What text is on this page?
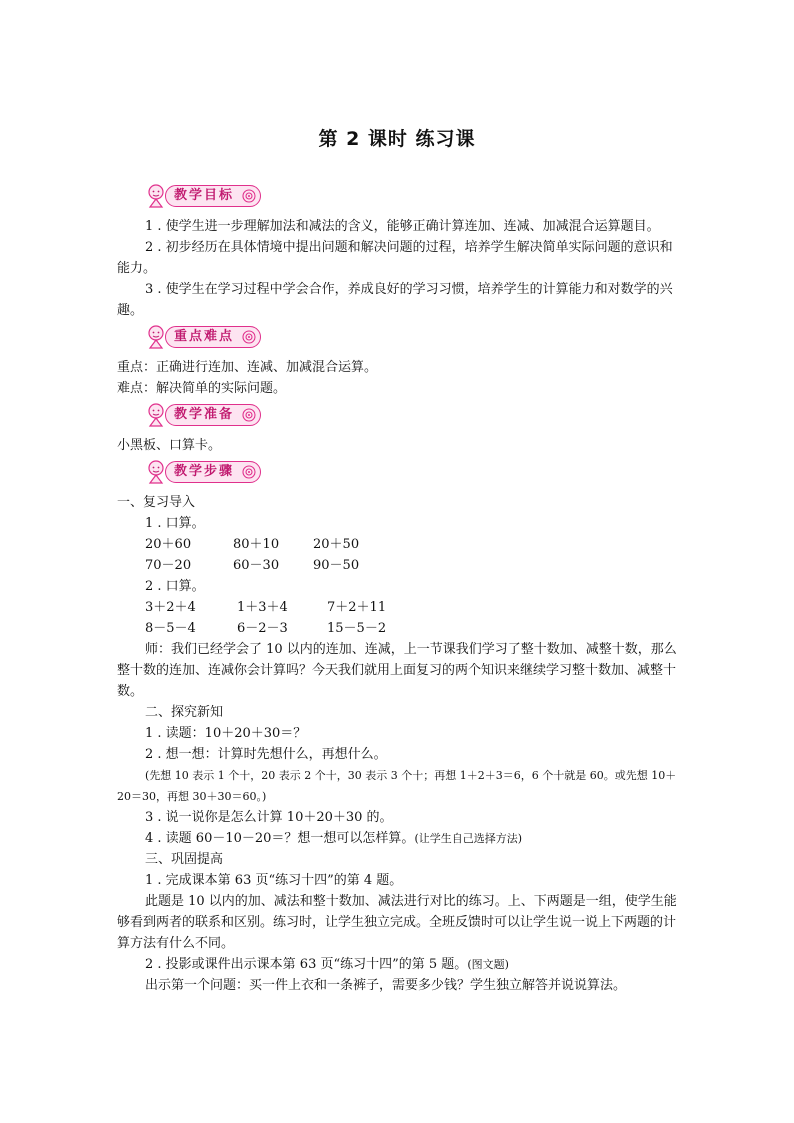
第 2 课时 练习课
教学目标

1 . 使学生进一步理解加法和减法的含义，能够正确计算连加、连减、加减混合运算题目。

2 . 初步经历在具体情境中提出问题和解决问题的过程，培养学生解决简单实际问题的意识和能力。

3 . 使学生在学习过程中学会合作，养成良好的学习习惯，培养学生的计算能力和对数学的兴趣。

重点难点

重点：正确进行连加、连减、加减混合运算。

难点：解决简单的实际问题。

教学准备

小黑板、口算卡。

教学步骤

一、复习导入

1 . 口算。

20＋60	80＋10	20＋50
70－20	60－30	90－50

2 . 口算。

3＋2＋4	1＋3＋4	7＋2＋11
8－5－4	6－2－3	15－5－2

师：我们已经学会了 10 以内的连加、连减，上一节课我们学习了整十数加、减整十数，那么整十数的连加、连减你会计算吗？今天我们就用上面复习的两个知识来继续学习整十数加、减整十数。

二、探究新知

1 . 读题：10＋20＋30＝？

2 . 想一想：计算时先想什么，再想什么。

(先想 10 表示 1 个十，20 表示 2 个十，30 表示 3 个十；再想 1＋2＋3＝6，6 个十就是 60。或先想 10＋20＝30，再想 30＋30＝60。)

3 . 说一说你是怎么计算 10＋20＋30 的。

4 . 读题 60－10－20＝？想一想可以怎样算。(让学生自己选择方法)

三、巩固提高

1 . 完成课本第 63 页“练习十四”的第 4 题。

此题是 10 以内的加、减法和整十数加、减法进行对比的练习。上、下两题是一组，使学生能够看到两者的联系和区别。练习时，让学生独立完成。全班反馈时可以让学生说一说上下两题的计算方法有什么不同。

2 . 投影或课件出示课本第 63 页“练习十四”的第 5 题。(图文题)

出示第一个问题：买一件上衣和一条裤子，需要多少钱？学生独立解答并说说算法。
